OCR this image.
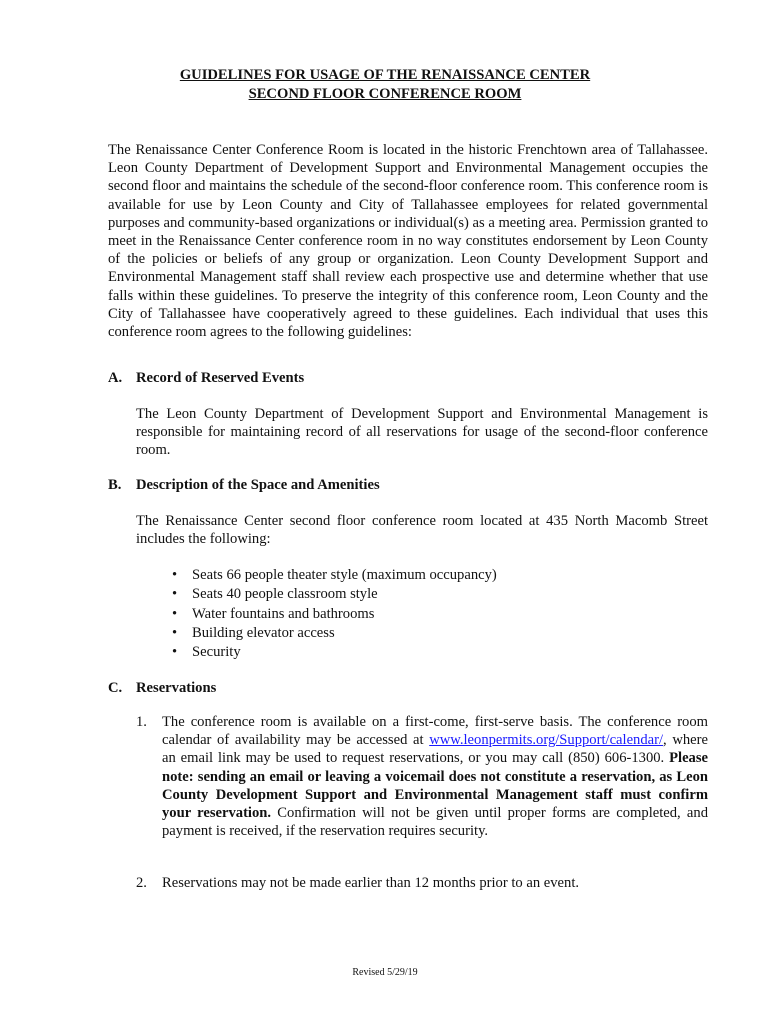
GUIDELINES FOR USAGE OF THE RENAISSANCE CENTER
SECOND FLOOR CONFERENCE ROOM
The Renaissance Center Conference Room is located in the historic Frenchtown area of Tallahassee. Leon County Department of Development Support and Environmental Management occupies the second floor and maintains the schedule of the second-floor conference room. This conference room is available for use by Leon County and City of Tallahassee employees for related governmental purposes and community-based organizations or individual(s) as a meeting area. Permission granted to meet in the Renaissance Center conference room in no way constitutes endorsement by Leon County of the policies or beliefs of any group or organization. Leon County Development Support and Environmental Management staff shall review each prospective use and determine whether that use falls within these guidelines. To preserve the integrity of this conference room, Leon County and the City of Tallahassee have cooperatively agreed to these guidelines. Each individual that uses this conference room agrees to the following guidelines:
A. Record of Reserved Events
The Leon County Department of Development Support and Environmental Management is responsible for maintaining record of all reservations for usage of the second-floor conference room.
B. Description of the Space and Amenities
The Renaissance Center second floor conference room located at 435 North Macomb Street includes the following:
• Seats 66 people theater style (maximum occupancy)
• Seats 40 people classroom style
• Water fountains and bathrooms
• Building elevator access
• Security
C. Reservations
1. The conference room is available on a first-come, first-serve basis. The conference room calendar of availability may be accessed at www.leonpermits.org/Support/calendar/, where an email link may be used to request reservations, or you may call (850) 606-1300. Please note: sending an email or leaving a voicemail does not constitute a reservation, as Leon County Development Support and Environmental Management staff must confirm your reservation. Confirmation will not be given until proper forms are completed, and payment is received, if the reservation requires security.
2. Reservations may not be made earlier than 12 months prior to an event.
Revised 5/29/19
